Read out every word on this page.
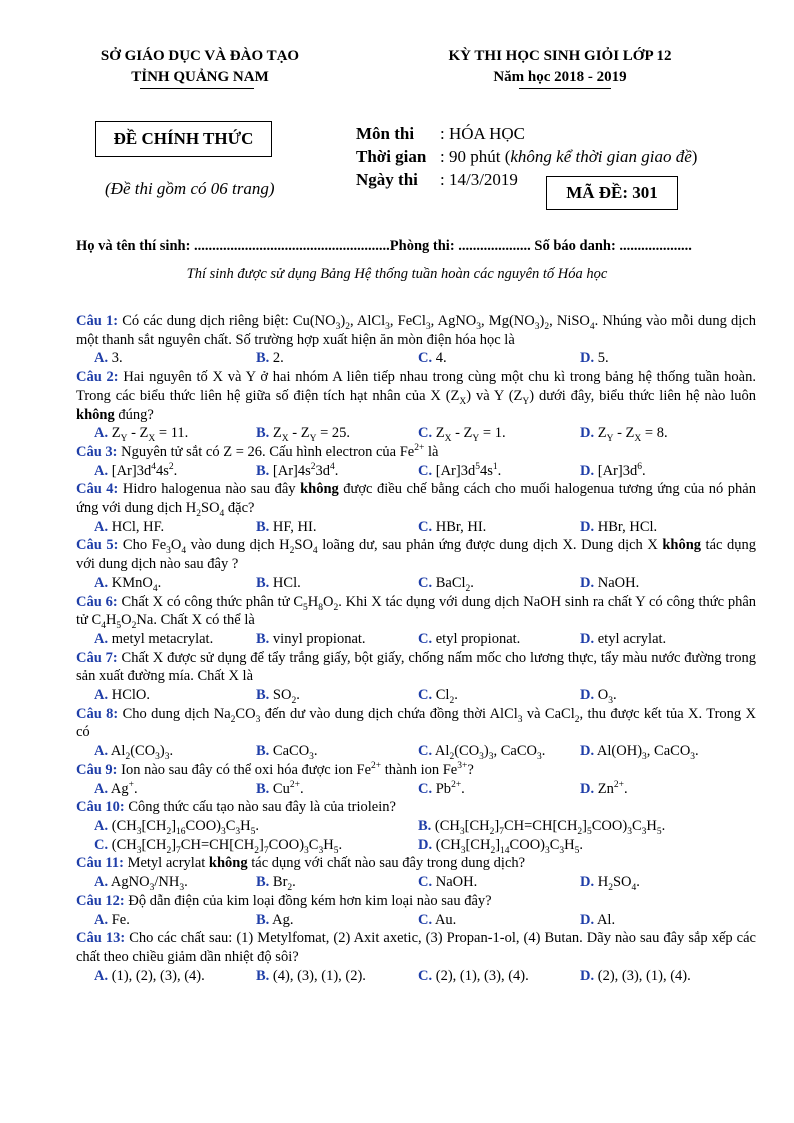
SỞ GIÁO DỤC VÀ ĐÀO TẠO
TỈNH QUẢNG NAM
KỲ THI HỌC SINH GIỎI LỚP 12
Năm học 2018 - 2019
ĐỀ CHÍNH THỨC
(Đề thi gồm có 06 trang)
Môn thi : HÓA HỌC
Thời gian : 90 phút (không kể thời gian giao đề)
Ngày thi : 14/3/2019
MÃ ĐỀ: 301
Họ và tên thí sinh: ......................................................Phòng thi: .................... Số báo danh: ....................
Thí sinh được sử dụng Bảng Hệ thống tuần hoàn các nguyên tố Hóa học
Câu 1: Có các dung dịch riêng biệt: $Cu(NO_3)_2$, AlCl$_3$, FeCl$_3$, AgNO$_3$, $Mg(NO_3)_2$, NiSO$_4$. Nhúng vào mỗi dung dịch một thanh sắt nguyên chất. Số trường hợp xuất hiện ăn mòn điện hóa học là
A. 3.	B. 2.	C. 4.	D. 5.
Câu 2: Hai nguyên tố X và Y ở hai nhóm A liên tiếp nhau trong cùng một chu kì trong bảng hệ thống tuần hoàn. Trong các biểu thức liên hệ giữa số điện tích hạt nhân của X $(Z_X)$ và Y $(Z_Y)$ dưới đây, biểu thức liên hệ nào luôn không đúng?
A. $Z_Y - Z_X = 11$.	B. $Z_X - Z_Y = 25$.	C. $Z_X - Z_Y = 1$.	D. $Z_Y - Z_X = 8$.
Câu 3: Nguyên tử sắt có Z = 26. Cấu hình electron của $Fe^{2+}$ là
A. $[Ar]3d^44s^2$.	B. $[Ar]4s^23d^4$.	C. $[Ar]3d^54s^1$.	D. $[Ar]3d^6$.
Câu 4: Hidro halogenua nào sau đây không được điều chế bằng cách cho muối halogenua tương ứng của nó phản ứng với dung dịch $H_2SO_4$ đặc?
A. HCl, HF.	B. HF, HI.	C. HBr, HI.	D. HBr, HCl.
Câu 5: Cho $Fe_3O_4$ vào dung dịch $H_2SO_4$ loãng dư, sau phản ứng được dung dịch X. Dung dịch X không tác dụng với dung dịch nào sau đây ?
A. KMnO$_4$.	B. HCl.	C. BaCl$_2$.	D. NaOH.
Câu 6: Chất X có công thức phân tử $C_5H_8O_2$. Khi X tác dụng với dung dịch NaOH sinh ra chất Y có công thức phân tử $C_4H_5O_2Na$. Chất X có thể là
A. metyl metacrylat.	B. vinyl propionat.	C. etyl propionat.	D. etyl acrylat.
Câu 7: Chất X được sử dụng để tẩy trắng giấy, bột giấy, chống nấm mốc cho lương thực, tẩy màu nước đường trong sản xuất đường mía. Chất X là
A. HClO.	B. $SO_2$.	C. $Cl_2$.	D. $O_3$.
Câu 8: Cho dung dịch $Na_2CO_3$ đến dư vào dung dịch chứa đồng thời AlCl$_3$ và CaCl$_2$, thu được kết tủa X. Trong X có
A. $Al_2(CO_3)_3$.	B. CaCO$_3$.	C. $Al_2(CO_3)_3$, CaCO$_3$.	D. $Al(OH)_3$, CaCO$_3$.
Câu 9: Ion nào sau đây có thể oxi hóa được ion $Fe^{2+}$ thành ion $Fe^{3+}$?
A. Ag+.	B. $Cu^{2+}$.	C. $Pb^{2+}$.	D. $Zn^{2+}$.
Câu 10: Công thức cấu tạo nào sau đây là của triolein?
A. $(CH_3[CH_2]_{16}COO)_3C_3H_5$.	B. $(CH_3[CH_2]_7CH=CH[CH_2]_5COO)_3C_3H_5$.
C. $(CH_3[CH_2]_7CH=CH[CH_2]_7COO)_3C_3H_5$.	D. $(CH_3[CH_2]_{14}COO)_3C_3H_5$.
Câu 11: Metyl acrylat không tác dụng với chất nào sau đây trong dung dịch?
A. $AgNO_3/NH_3$.	B. $Br_2$.	C. NaOH.	D. $H_2SO_4$.
Câu 12: Độ dẫn điện của kim loại đồng kém hơn kim loại nào sau đây?
A. Fe.	B. Ag.	C. Au.	D. Al.
Câu 13: Cho các chất sau: (1) Metylfomat, (2) Axit axetic, (3) Propan-1-ol, (4) Butan. Dãy nào sau đây sắp xếp các chất theo chiều giảm dần nhiệt độ sôi?
A. (1), (2), (3), (4).	B. (4), (3), (1), (2).	C. (2), (1), (3), (4).	D. (2), (3), (1), (4).
